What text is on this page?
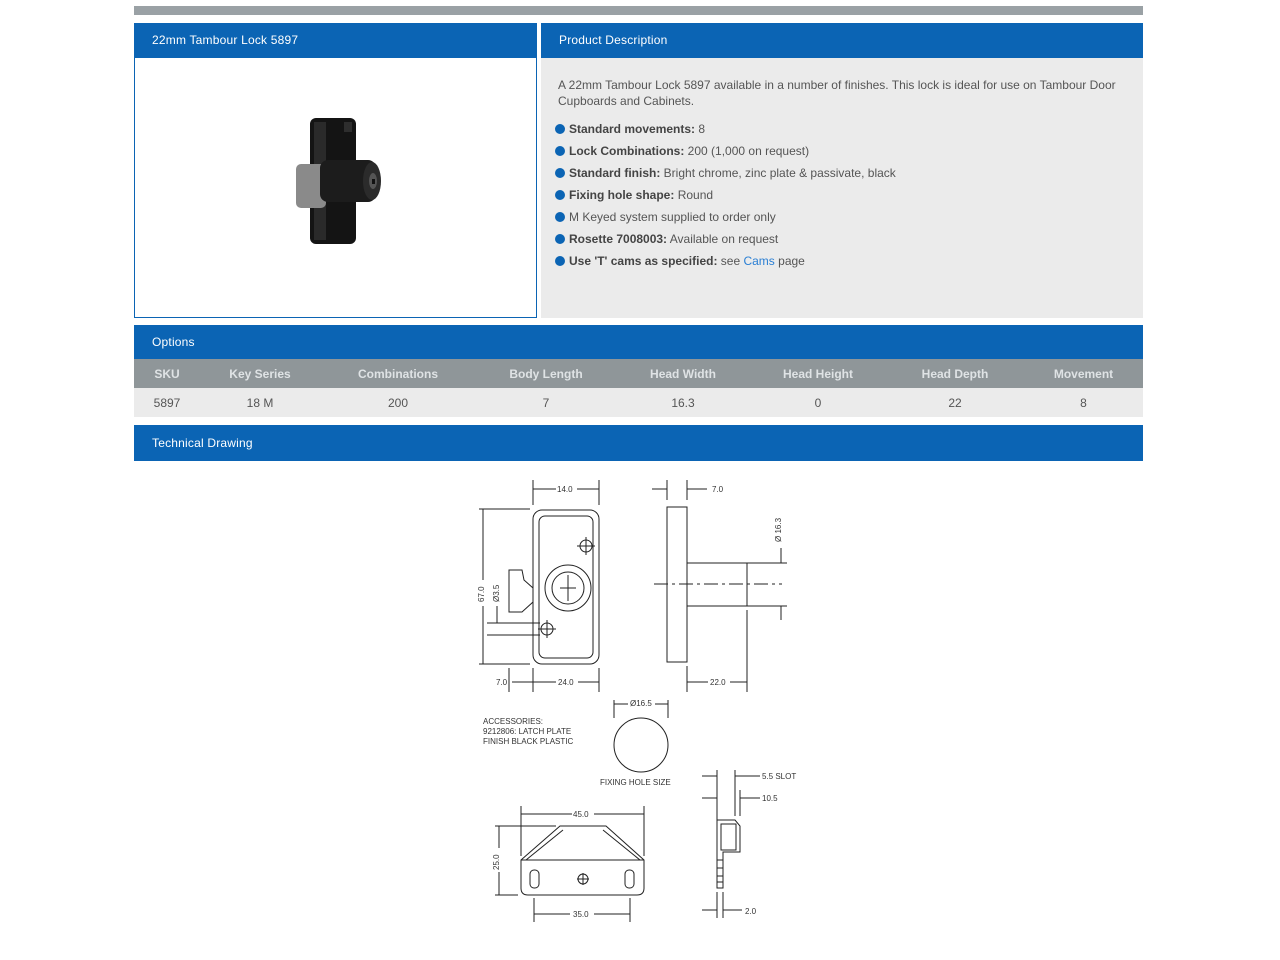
22mm Tambour Lock 5897	Product Description
A 22mm Tambour Lock 5897 available in a number of finishes. This lock is ideal for use on Tambour Door Cupboards and Cabinets.
Standard movements: 8
Lock Combinations: 200 (1,000 on request)
Standard finish: Bright chrome, zinc plate & passivate, black
Fixing hole shape: Round
M Keyed system supplied to order only
Rosette 7008003: Available on request
Use 'T' cams as specified: see Cams page
Options
SKU	Key Series	Combinations	Body Length	Head Width	Head Height	Head Depth	Movement
5897	18 M	200	7	16.3	0	22	8
Technical Drawing
14.0	7.0
Ø 16.3
67.0 Ø3.5
7.0	24.0	22.0
Ø16.5
FIXING HOLE SIZE
ACCESSORIES:
9212806: LATCH PLATE
FINISH BLACK PLASTIC
45.0
25.0
35.0
5.5 SLOT
10.5
2.0
